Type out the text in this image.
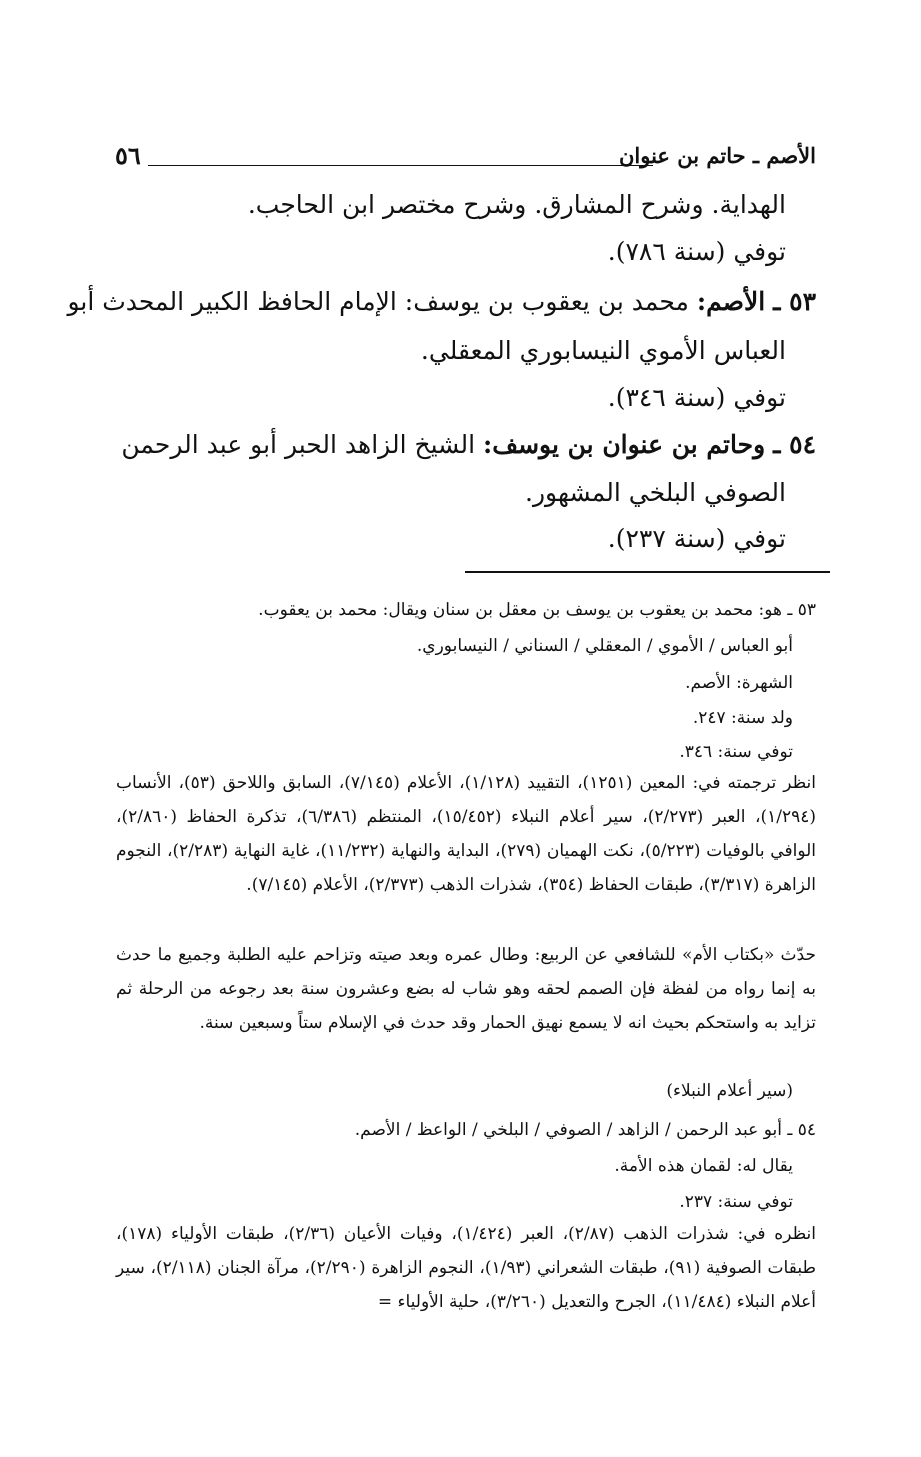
الأصم ـ حاتم بن عنوان
٥٦
الهداية. وشرح المشارق. وشرح مختصر ابن الحاجب.
توفي (سنة ٧٨٦).
٥٣ ـ الأصم: محمد بن يعقوب بن يوسف: الإمام الحافظ الكبير المحدث أبو
العباس الأموي النيسابوري المعقلي.
توفي (سنة ٣٤٦).
٥٤ ـ وحاتم بن عنوان بن يوسف: الشيخ الزاهد الحبر أبو عبد الرحمن
الصوفي البلخي المشهور.
توفي (سنة ٢٣٧).
٥٣ ـ هو: محمد بن يعقوب بن يوسف بن معقل بن سنان ويقال: محمد بن يعقوب.
أبو العباس / الأموي / المعقلي / السناني / النيسابوري.
الشهرة: الأصم.
ولد سنة: ٢٤٧.
توفي سنة: ٣٤٦.
انظر ترجمته في: المعين (١٢٥١)، التقييد (١/١٢٨)، الأعلام (٧/١٤٥)، السابق واللاحق (٥٣)، الأنساب (١/٢٩٤)، العبر (٢/٢٧٣)، سير أعلام النبلاء (١٥/٤٥٢)، المنتظم (٦/٣٨٦)، تذكرة الحفاظ (٢/٨٦٠)، الوافي بالوفيات (٥/٢٢٣)، نكت الهميان (٢٧٩)، البداية والنهاية (١١/٢٣٢)، غاية النهاية (٢/٢٨٣)، النجوم الزاهرة (٣/٣١٧)، طبقات الحفاظ (٣٥٤)، شذرات الذهب (٢/٣٧٣)، الأعلام (٧/١٤٥).
حدّث «بكتاب الأم» للشافعي عن الربيع: وطال عمره وبعد صيته وتزاحم عليه الطلبة وجميع ما حدث به إنما رواه من لفظة فإن الصمم لحقه وهو شاب له بضع وعشرون سنة بعد رجوعه من الرحلة ثم تزايد به واستحكم بحيث انه لا يسمع نهيق الحمار وقد حدث في الإسلام ستاً وسبعين سنة.
(سير أعلام النبلاء)
٥٤ ـ أبو عبد الرحمن / الزاهد / الصوفي / البلخي / الواعظ / الأصم.
يقال له: لقمان هذه الأمة.
توفي سنة: ٢٣٧.
انظره في: شذرات الذهب (٢/٨٧)، العبر (١/٤٢٤)، وفيات الأعيان (٢/٣٦)، طبقات الأولياء (١٧٨)، طبقات الصوفية (٩١)، طبقات الشعراني (١/٩٣)، النجوم الزاهرة (٢/٢٩٠)، مرآة الجنان (٢/١١٨)، سير أعلام النبلاء (١١/٤٨٤)، الجرح والتعديل (٣/٢٦٠)، حلية الأولياء =
